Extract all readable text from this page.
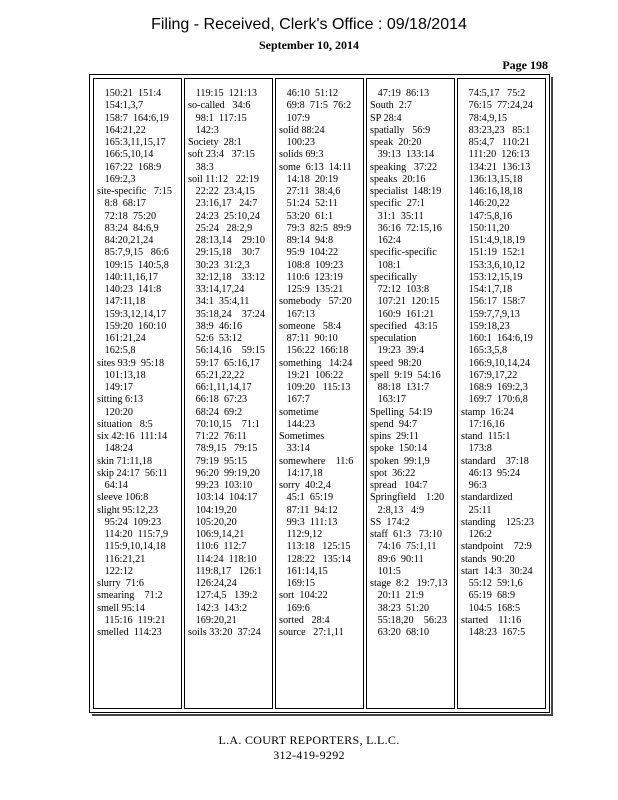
Filing - Received, Clerk's Office : 09/18/2014
September 10, 2014
Page 198
150:21  151:4
154:1,3,7
158:7  164:6,19
164:21,22
165:3,11,15,17
166:5,10,14
167:22  168:9
169:2,3
site-specific   7:15
8:8  68:17
72:18  75:20
83:24  84:6,9
84:20,21,24
85:7,9,15   86:6
109:15  140:5,8
140:11,16,17
140:23  141:8
147:11,18
159:3,12,14,17
159:20  160:10
161:21,24
162:5,8
sites 93:9  95:18
101:13,18
149:17
sitting 6:13
120:20
situation   8:5
six 42:16  111:14
148:24
skin 71:11,18
skip 24:17  56:11
64:14
sleeve 106:8
slight 95:12,23
95:24  109:23
114:20  115:7,9
115:9,10,14,18
116:21,21
122:12
slurry  71:6
smearing    71:2
smell 95:14
115:16  119:21
smelled  114:23
119:15  121:13
so-called   34:6
98:1  117:15
142:3
Society  28:1
soft 23:4   37:15
38:3
soil 11:12   22:19
22:22  23:4,15
23:16,17   24:7
24:23  25:10,24
25:24   28:2,9
28:13,14    29:10
29:15,18    30:7
30:23  31:2,3
32:12,18    33:12
33:14,17,24
34:1  35:4,11
35:18,24    37:24
38:9  46:16
52:6  53:12
56:14,16    59:15
59:17  65:16,17
65:21,22,22
66:1,11,14,17
66:18  67:23
68:24  69:2
70:10,15    71:1
71:22  76:11
78:9,15   79:15
79:19  95:15
96:20  99:19,20
99:23  103:10
103:14  104:17
104:19,20
105:20,20
106:9,14,21
110:6  112:7
114:24  118:10
119:8,17   126:1
126:24,24
127:4,5   139:2
142:3  143:2
169:20,21
soils 33:20  37:24
46:10  51:12
69:8  71:5  76:2
107:9
solid 88:24
100:23
solids 69:3
some  6:13  14:11
14:18  20:19
27:11  38:4,6
51:24  52:11
53:20  61:1
79:3  82:5  89:9
89:14  94:8
95:9  104:22
108:8  109:23
110:6  123:19
125:9  135:21
somebody   57:20
167:13
someone   58:4
87:11  90:10
156:22  166:18
something   14:24
19:21  106:22
109:20   115:13
167:7
sometime
144:23
Sometimes
33:14
somewhere    11:6
14:17,18
sorry  40:2,4
45:1  65:19
87:11  94:12
99:3  111:13
112:9,12
113:18   125:15
128:22   135:14
161:14,15
169:15
sort  104:22
169:6
sorted   28:4
source   27:1,11
47:19  86:13
South  2:7
SP 28:4
spatially   56:9
speak  20:20
39:13  133:14
speaking   37:22
speaks  20:16
specialist  148:19
specific  27:1
31:1  35:11
36:16  72:15,16
162:4
specific-specific
108:1
specifically
72:12  103:8
107:21  120:15
160:9  161:21
specified   43:15
speculation
19:23  39:4
speed  98:20
spell  9:19  54:16
88:18  131:7
163:17
Spelling  54:19
spend  94:7
spins  29:11
spoke  150:14
spoken  99:1,9
spot  36:22
spread   104:7
Springfield    1:20
2:8,13   4:9
SS  174:2
staff  61:3   73:10
74:16  75:1,11
89:6  90:11
101:5
stage  8:2   19:7,13
20:11  21:9
38:23  51:20
55:18,20    56:23
63:20  68:10
74:5,17   75:2
76:15  77:24,24
78:4,9,15
83:23,23   85:1
85:4,7   110:21
111:20  126:13
134:21  136:13
136:13,15,18
146:16,18,18
146:20,22
147:5,8,16
150:11,20
151:4,9,18,19
151:19  152:1
153:3,6,10,12
153:12,15,19
154:1,7,18
156:17  158:7
159:7,7,9,13
159:18,23
160:1  164:6,19
165:3,5,8
166:9,10,14,24
167:9,17,22
168:9  169:2,3
169:7  170:6,8
stamp  16:24
17:16,16
stand  115:1
173:8
standard    37:18
46:13  95:24
96:3
standardized
25:11
standing    125:23
126:2
standpoint    72:9
stands  90:20
start  14:3   30:24
55:12  59:1,6
65:19  68:9
104:5  168:5
started    11:16
148:23  167:5
L.A. COURT REPORTERS, L.L.C.
312-419-9292
